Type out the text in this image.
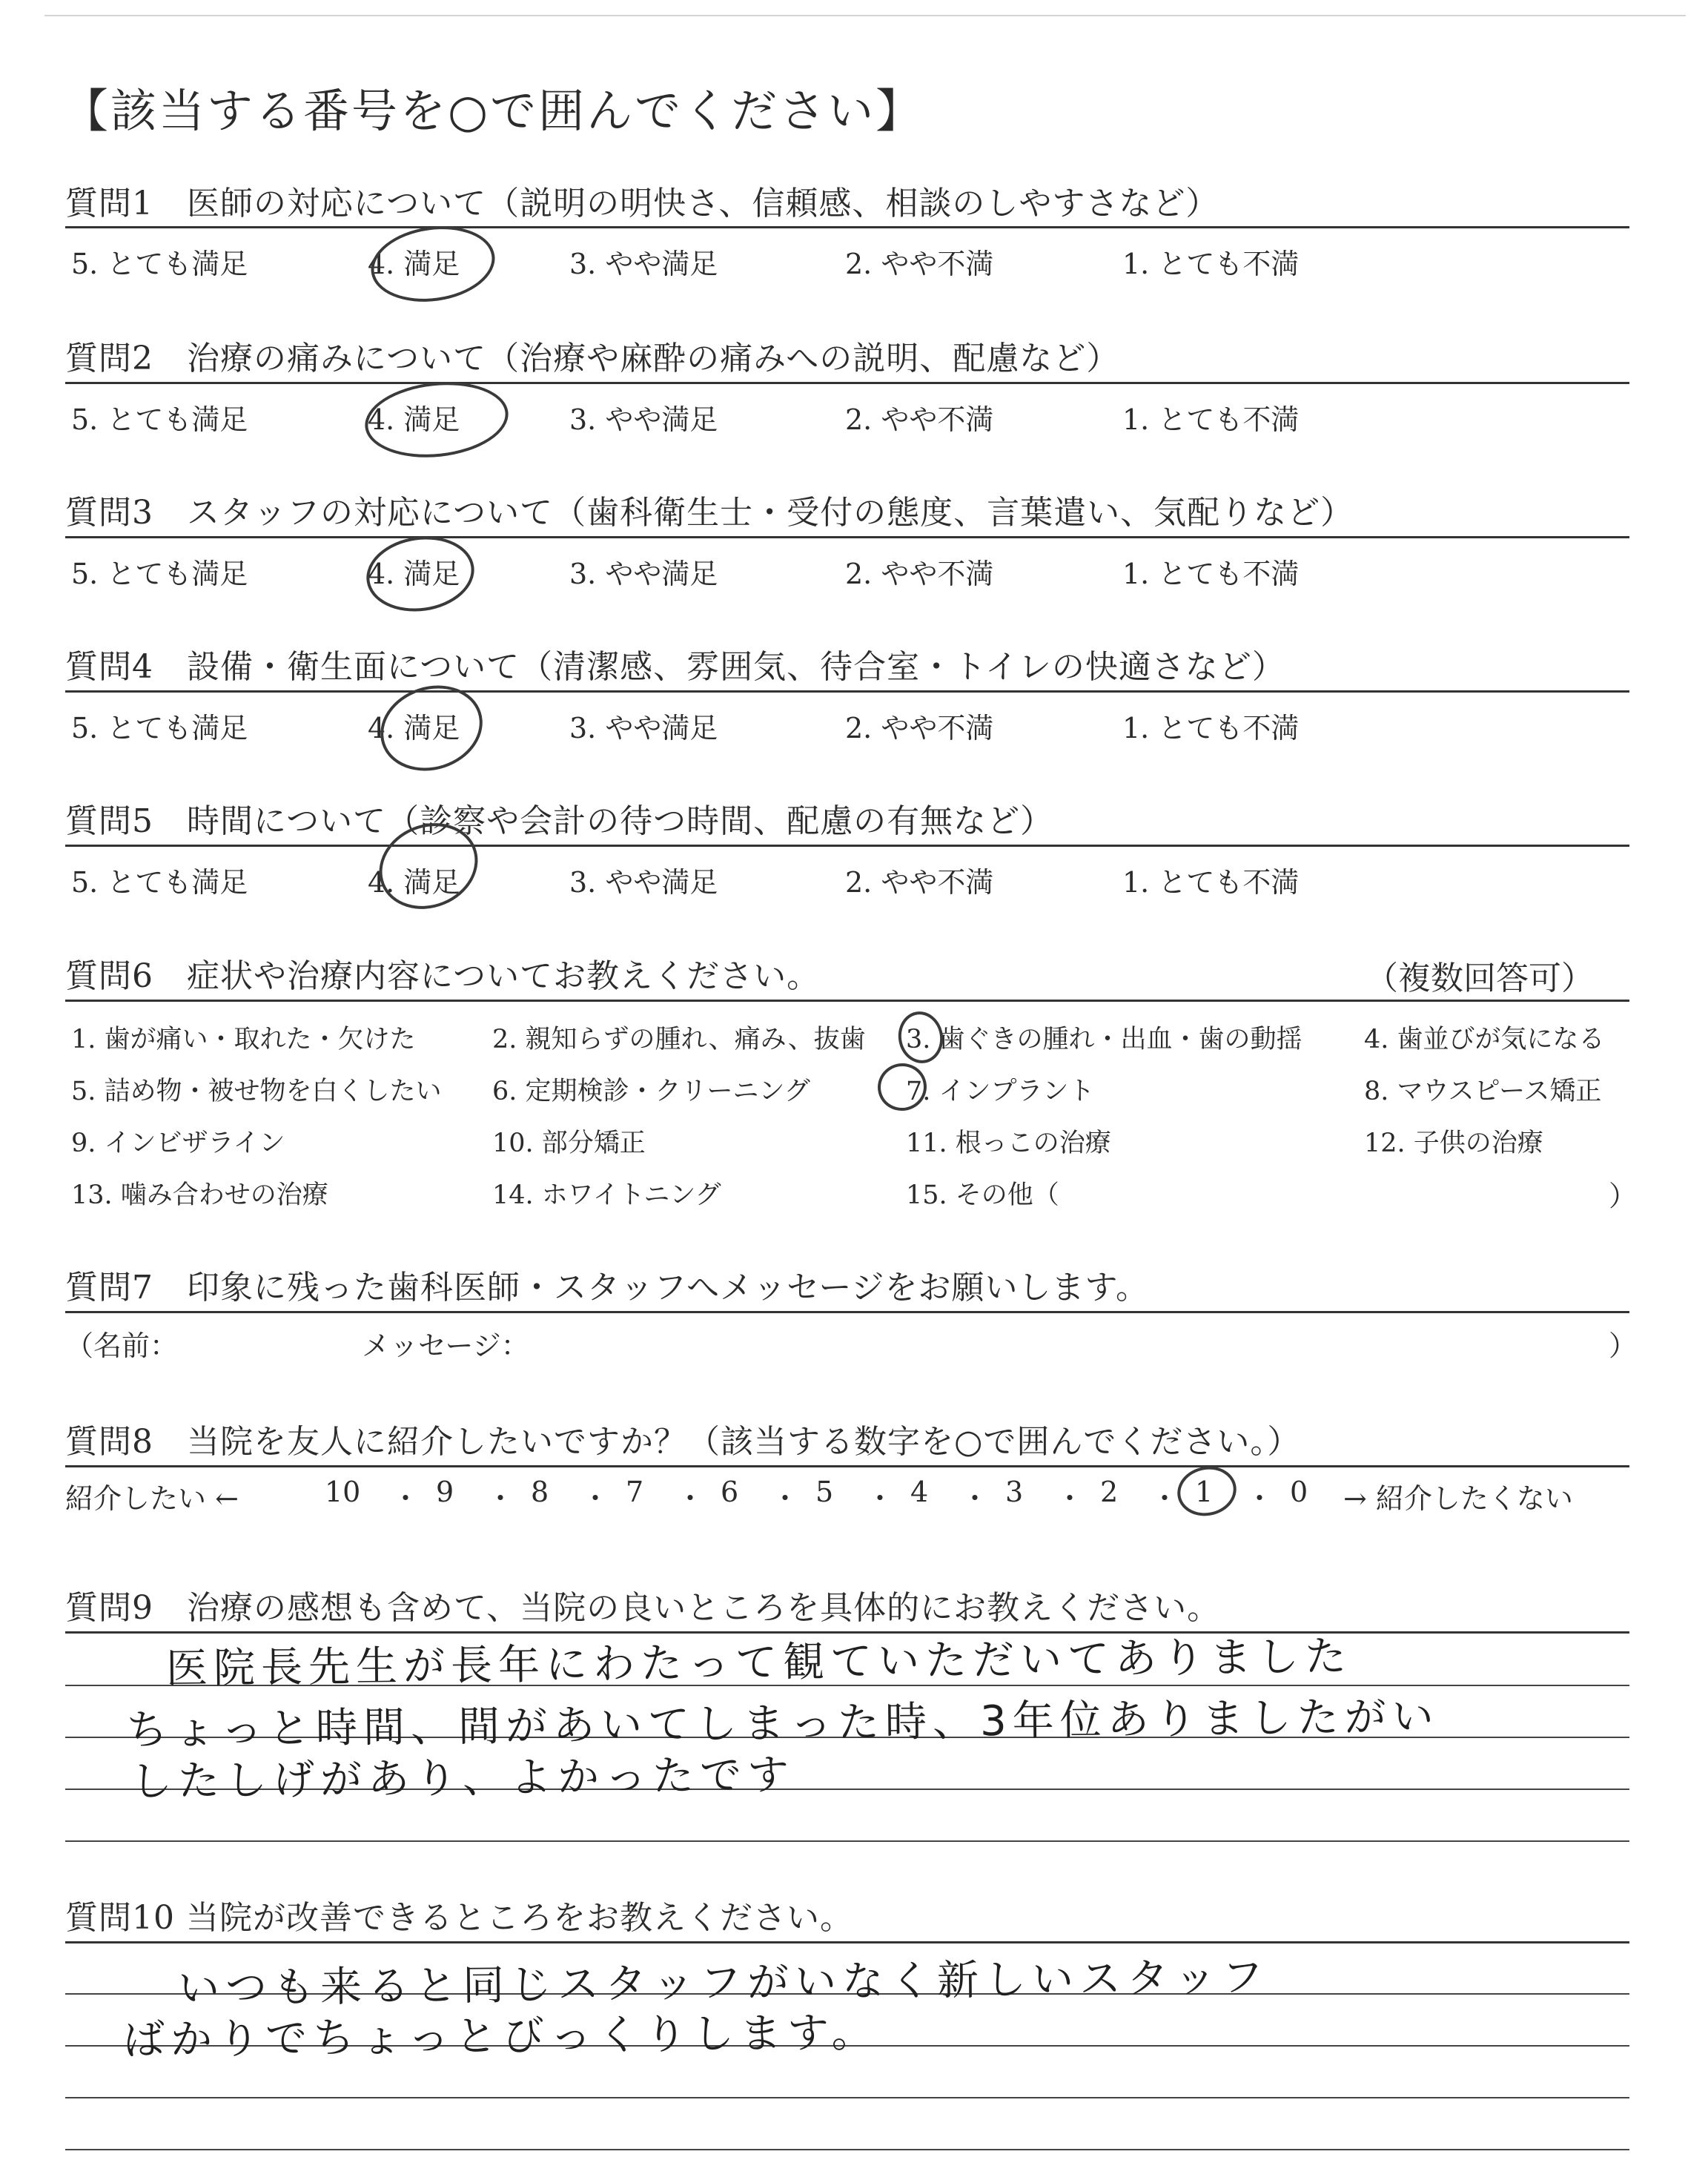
【該当する番号を○で囲んでください】
質問1　医師の対応について（説明の明快さ、信頼感、相談のしやすさなど）
5. とても満足	4. 満足	3. やや満足	2. やや不満	1. とても不満
質問2　治療の痛みについて（治療や麻酔の痛みへの説明、配慮など）
5. とても満足	4. 満足	3. やや満足	2. やや不満	1. とても不満
質問3　スタッフの対応について（歯科衛生士・受付の態度、言葉遣い、気配りなど）
5. とても満足	4. 満足	3. やや満足	2. やや不満	1. とても不満
質問4　設備・衛生面について（清潔感、雰囲気、待合室・トイレの快適さなど）
5. とても満足	4. 満足	3. やや満足	2. やや不満	1. とても不満
質問5　時間について（診察や会計の待つ時間、配慮の有無など）
5. とても満足	4. 満足	3. やや満足	2. やや不満	1. とても不満
質問6　症状や治療内容についてお教えください。	（複数回答可）
1. 歯が痛い・取れた・欠けた	2. 親知らずの腫れ、痛み、抜歯 3. 歯ぐきの腫れ・出血・歯の動揺 4. 歯並びが気になる
5. 詰め物・被せ物を白くしたい 6. 定期検診・クリーニング	7. インプラント	8. マウスピース矯正
9. インビザライン	10. 部分矯正	11. 根っこの治療	12. 子供の治療
13. 噛み合わせの治療	14. ホワイトニング	15. その他（	）
質問7　印象に残った歯科医師・スタッフへメッセージをお願いします。
（名前：	メッセージ：	）
質問8　当院を友人に紹介したいですか？（該当する数字を○で囲んでください。）
紹介したい ←	10 ・ 9 ・ 8 ・ 7 ・ 6 ・ 5 ・ 4 ・ 3 ・ 2 ・ 1 ・ 0 → 紹介したくない
質問9　治療の感想も含めて、当院の良いところを具体的にお教えください。
医院長先生が長年にわたって観ていただいてありました
ちょっと時間、間があいてしまった時、3年位ありましたがい
したしげがあり、よかったです
質問10 当院が改善できるところをお教えください。
いつも来ると同じスタッフがいなく新しいスタッフ
ばかりでちょっとびっくりします。
